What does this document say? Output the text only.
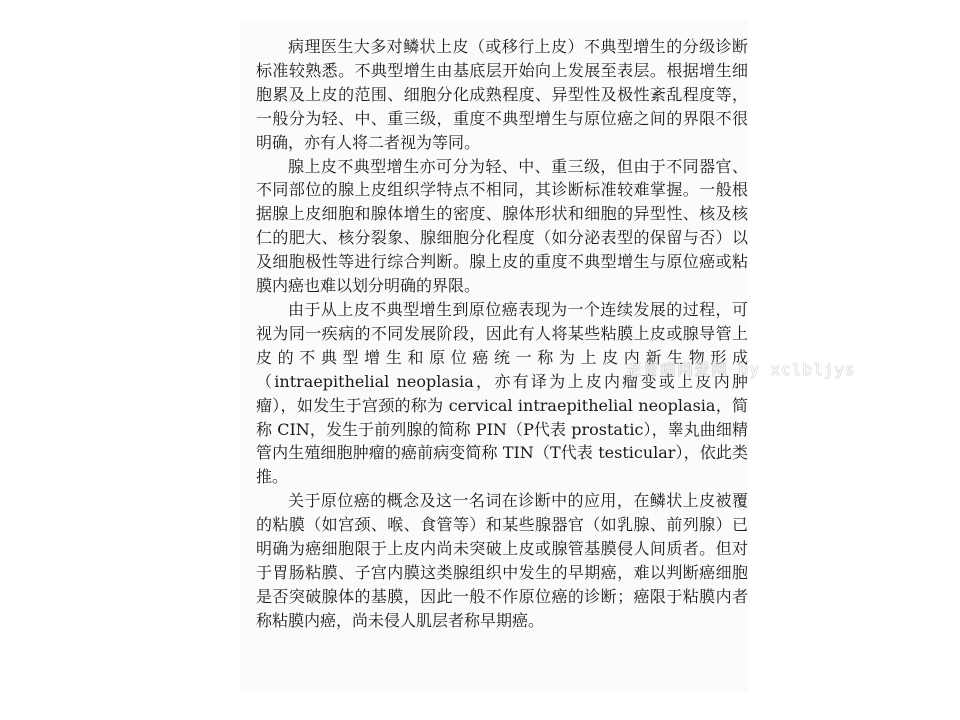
病理医生大多对鳞状上皮（或移行上皮）不典型增生的分级诊断标准较熟悉。不典型增生由基底层开始向上发展至表层。根据增生细胞累及上皮的范围、细胞分化成熟程度、异型性及极性紊乱程度等，一般分为轻、中、重三级，重度不典型增生与原位癌之间的界限不很明确，亦有人将二者视为等同。

腺上皮不典型增生亦可分为轻、中、重三级，但由于不同器官、不同部位的腺上皮组织学特点不相同，其诊断标准较难掌握。一般根据腺上皮细胞和腺体增生的密度、腺体形状和细胞的异型性、核及核仁的肥大、核分裂象、腺细胞分化程度（如分泌表型的保留与否）以及细胞极性等进行综合判断。腺上皮的重度不典型增生与原位癌或粘膜内癌也难以划分明确的界限。

由于从上皮不典型增生到原位癌表现为一个连续发展的过程，可视为同一疾病的不同发展阶段，因此有人将某些粘膜上皮或腺导管上皮的不典型增生和原位癌统一称为上皮内新生物形成（intraepithelial neoplasia，亦有译为上皮内瘤变或上皮内肿瘤），如发生于宫颈的称为 cervical intraepithelial neoplasia，简称 CIN，发生于前列腺的简称 PIN（P代表 prostatic），睾丸曲细精管内生殖细胞肿瘤的癌前病变简称 TIN（T代表 testicular），依此类推。

关于原位癌的概念及这一名词在诊断中的应用，在鳞状上皮被覆的粘膜（如宫颈、喉、食管等）和某些腺器官（如乳腺、前列腺）已明确为癌细胞限于上皮内尚未突破上皮或腺管基膜侵人间质者。但对于胃肠粘膜、子宫内膜这类腺组织中发生的早期癌，难以判断癌细胞是否突破腺体的基膜，因此一般不作原位癌的诊断；癌限于粘膜内者称粘膜内癌，尚未侵人肌层者称早期癌。

老胃病网爱网 by xclbljys
